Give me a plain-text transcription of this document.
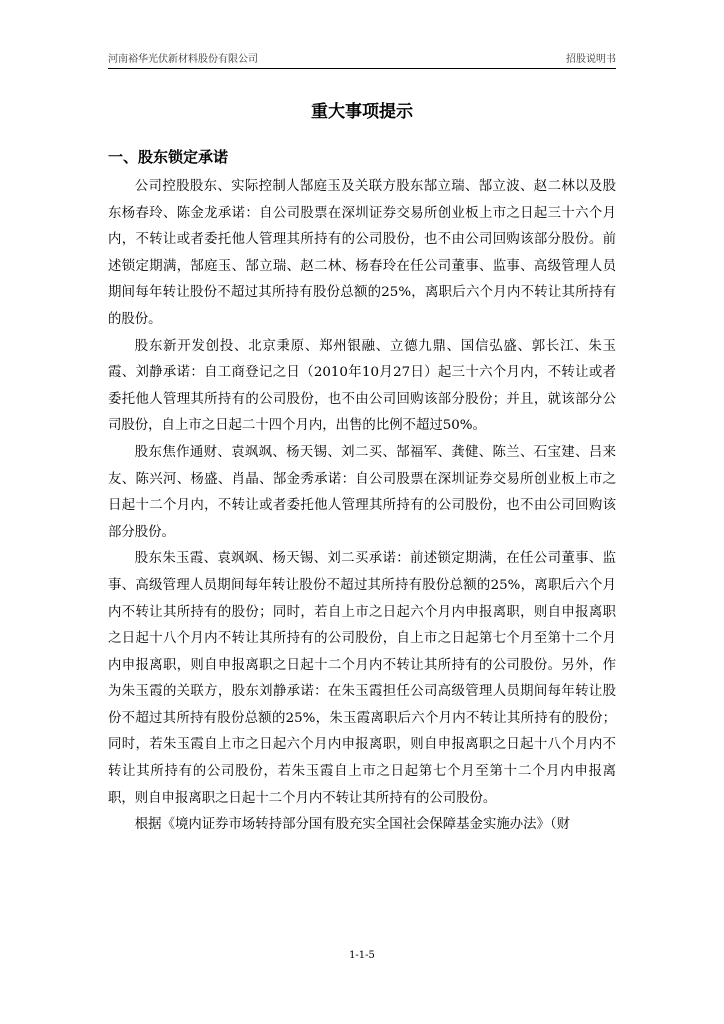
河南裕华光伏新材料股份有限公司	招股说明书
重大事项提示
一、股东锁定承诺

公司控股股东、实际控制人郜庭玉及关联方股东郜立瑞、郜立波、赵二林以及股东杨春玲、陈金龙承诺：自公司股票在深圳证券交易所创业板上市之日起三十六个月内，不转让或者委托他人管理其所持有的公司股份，也不由公司回购该部分股份。前述锁定期满，郜庭玉、郜立瑞、赵二林、杨春玲在任公司董事、监事、高级管理人员期间每年转让股份不超过其所持有股份总额的25%，离职后六个月内不转让其所持有的股份。

股东新开发创投、北京秉原、郑州银融、立德九鼎、国信弘盛、郭长江、朱玉霞、刘静承诺：自工商登记之日（2010年10月27日）起三十六个月内，不转让或者委托他人管理其所持有的公司股份，也不由公司回购该部分股份；并且，就该部分公司股份，自上市之日起二十四个月内，出售的比例不超过50%。

股东焦作通财、袁飒飒、杨天锡、刘二买、郜福军、龚健、陈兰、石宝建、吕来友、陈兴河、杨盛、肖晶、郜金秀承诺：自公司股票在深圳证券交易所创业板上市之日起十二个月内，不转让或者委托他人管理其所持有的公司股份，也不由公司回购该部分股份。

股东朱玉霞、袁飒飒、杨天锡、刘二买承诺：前述锁定期满，在任公司董事、监事、高级管理人员期间每年转让股份不超过其所持有股份总额的25%，离职后六个月内不转让其所持有的股份；同时，若自上市之日起六个月内申报离职，则自申报离职之日起十八个月内不转让其所持有的公司股份，自上市之日起第七个月至第十二个月内申报离职，则自申报离职之日起十二个月内不转让其所持有的公司股份。另外，作为朱玉霞的关联方，股东刘静承诺：在朱玉霞担任公司高级管理人员期间每年转让股份不超过其所持有股份总额的25%，朱玉霞离职后六个月内不转让其所持有的股份；同时，若朱玉霞自上市之日起六个月内申报离职，则自申报离职之日起十八个月内不转让其所持有的公司股份，若朱玉霞自上市之日起第七个月至第十二个月内申报离职，则自申报离职之日起十二个月内不转让其所持有的公司股份。

根据《境内证券市场转持部分国有股充实全国社会保障基金实施办法》（财

1-1-5
